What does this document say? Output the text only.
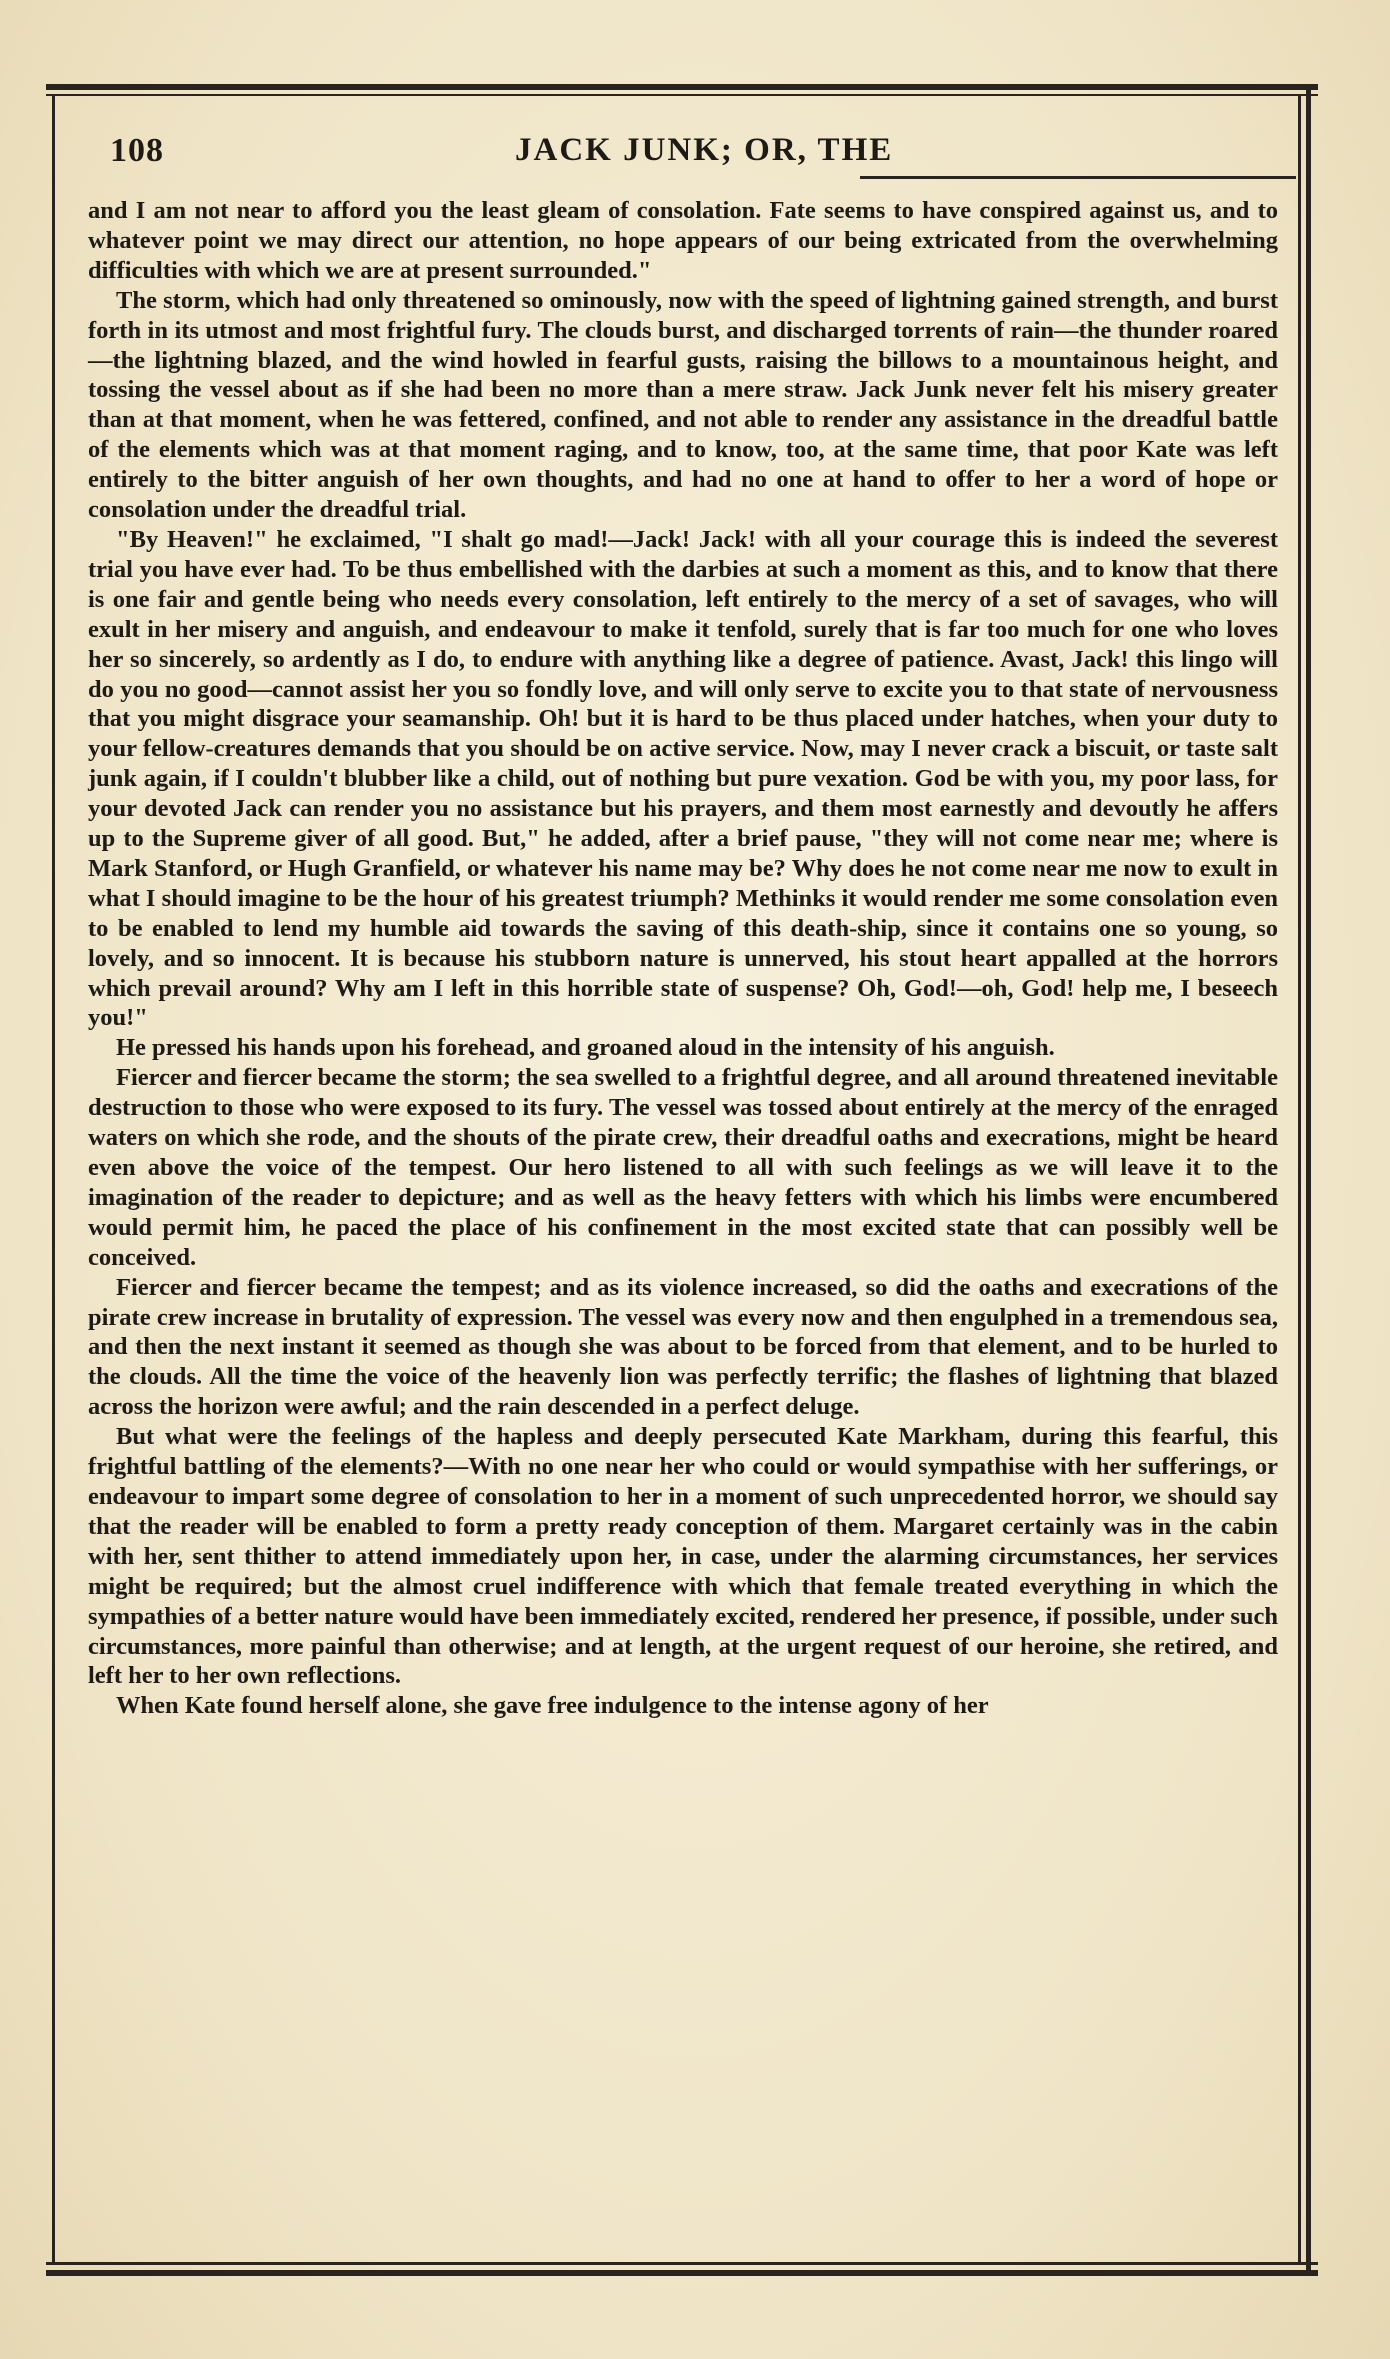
108	JACK JUNK; OR, THE

and I am not near to afford you the least gleam of consolation. Fate seems to have conspired against us, and to whatever point we may direct our attention, no hope appears of our being extricated from the overwhelming difficulties with which we are at present surrounded."

The storm, which had only threatened so ominously, now with the speed of lightning gained strength, and burst forth in its utmost and most frightful fury. The clouds burst, and discharged torrents of rain—the thunder roared—the lightning blazed, and the wind howled in fearful gusts, raising the billows to a mountainous height, and tossing the vessel about as if she had been no more than a mere straw. Jack Junk never felt his misery greater than at that moment, when he was fettered, confined, and not able to render any assistance in the dreadful battle of the elements which was at that moment raging, and to know, too, at the same time, that poor Kate was left entirely to the bitter anguish of her own thoughts, and had no one at hand to offer to her a word of hope or consolation under the dreadful trial.

"By Heaven!" he exclaimed, "I shalt go mad!—Jack! Jack! with all your courage this is indeed the severest trial you have ever had. To be thus embellished with the darbies at such a moment as this, and to know that there is one fair and gentle being who needs every consolation, left entirely to the mercy of a set of savages, who will exult in her misery and anguish, and endeavour to make it tenfold, surely that is far too much for one who loves her so sincerely, so ardently as I do, to endure with anything like a degree of patience. Avast, Jack! this lingo will do you no good—cannot assist her you so fondly love, and will only serve to excite you to that state of nervousness that you might disgrace your seamanship. Oh! but it is hard to be thus placed under hatches, when your duty to your fellow-creatures demands that you should be on active service. Now, may I never crack a biscuit, or taste salt junk again, if I couldn't blubber like a child, out of nothing but pure vexation. God be with you, my poor lass, for your devoted Jack can render you no assistance but his prayers, and them most earnestly and devoutly he affers up to the Supreme giver of all good. But," he added, after a brief pause, "they will not come near me; where is Mark Stanford, or Hugh Granfield, or whatever his name may be? Why does he not come near me now to exult in what I should imagine to be the hour of his greatest triumph? Methinks it would render me some consolation even to be enabled to lend my humble aid towards the saving of this death-ship, since it contains one so young, so lovely, and so innocent. It is because his stubborn nature is unnerved, his stout heart appalled at the horrors which prevail around? Why am I left in this horrible state of suspense? Oh, God!—oh, God! help me, I beseech you!"

He pressed his hands upon his forehead, and groaned aloud in the intensity of his anguish.

Fiercer and fiercer became the storm; the sea swelled to a frightful degree, and all around threatened inevitable destruction to those who were exposed to its fury. The vessel was tossed about entirely at the mercy of the enraged waters on which she rode, and the shouts of the pirate crew, their dreadful oaths and execrations, might be heard even above the voice of the tempest. Our hero listened to all with such feelings as we will leave it to the imagination of the reader to depicture; and as well as the heavy fetters with which his limbs were encumbered would permit him, he paced the place of his confinement in the most excited state that can possibly well be conceived.

Fiercer and fiercer became the tempest; and as its violence increased, so did the oaths and execrations of the pirate crew increase in brutality of expression. The vessel was every now and then engulphed in a tremendous sea, and then the next instant it seemed as though she was about to be forced from that element, and to be hurled to the clouds. All the time the voice of the heavenly lion was perfectly terrific; the flashes of lightning that blazed across the horizon were awful; and the rain descended in a perfect deluge.

But what were the feelings of the hapless and deeply persecuted Kate Markham, during this fearful, this frightful battling of the elements?—With no one near her who could or would sympathise with her sufferings, or endeavour to impart some degree of consolation to her in a moment of such unprecedented horror, we should say that the reader will be enabled to form a pretty ready conception of them. Margaret certainly was in the cabin with her, sent thither to attend immediately upon her, in case, under the alarming circumstances, her services might be required; but the almost cruel indifference with which that female treated everything in which the sympathies of a better nature would have been immediately excited, rendered her presence, if possible, under such circumstances, more painful than otherwise; and at length, at the urgent request of our heroine, she retired, and left her to her own reflections.

When Kate found herself alone, she gave free indulgence to the intense agony of her
